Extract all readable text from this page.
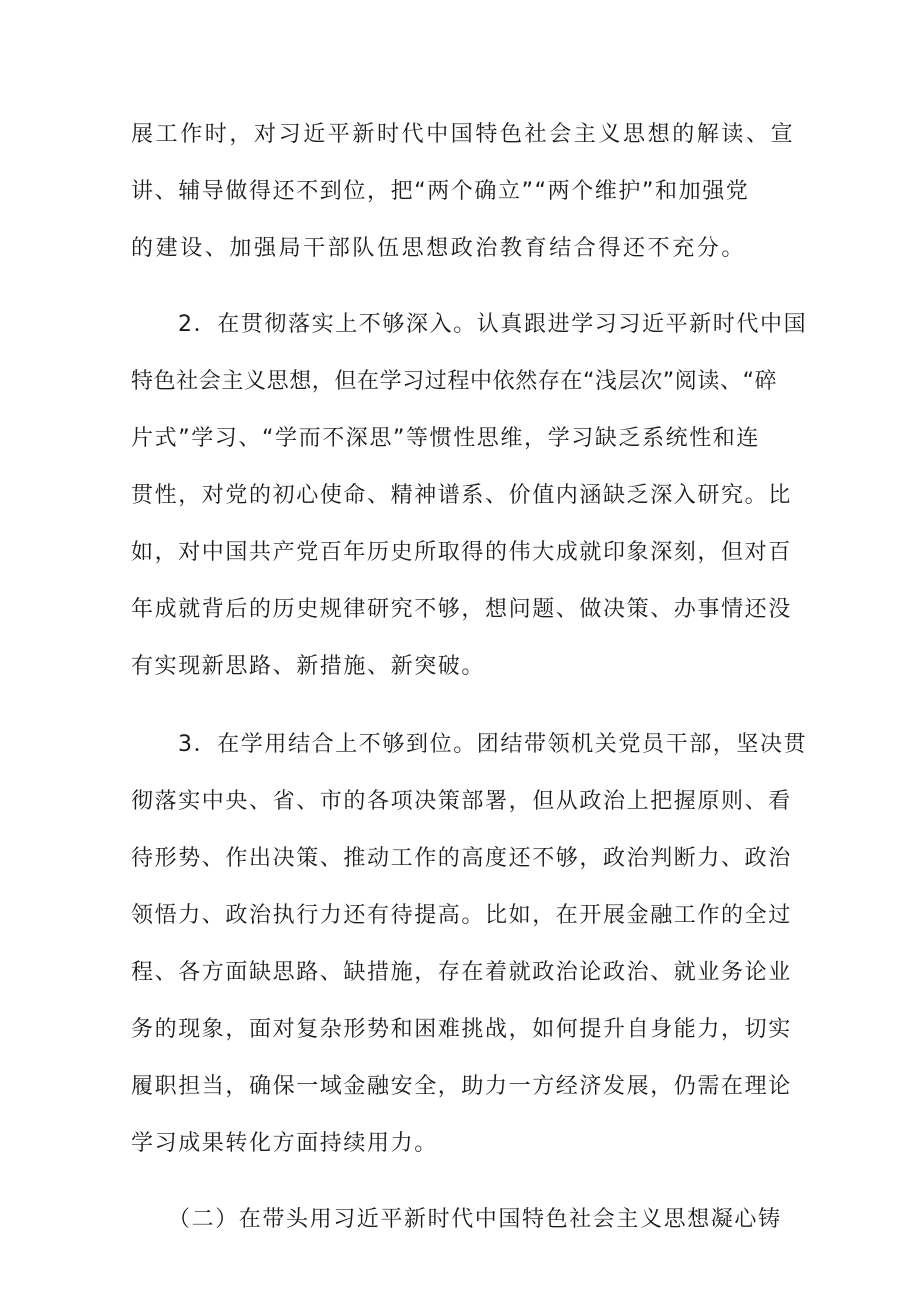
展工作时，对习近平新时代中国特色社会主义思想的解读、宣
讲、辅导做得还不到位，把“两个确立”“两个维护”和加强党
的建设、加强局干部队伍思想政治教育结合得还不充分。
2．在贯彻落实上不够深入。认真跟进学习习近平新时代中国
特色社会主义思想，但在学习过程中依然存在“浅层次”阅读、“碎
片式”学习、“学而不深思”等惯性思维，学习缺乏系统性和连
贯性，对党的初心使命、精神谱系、价值内涵缺乏深入研究。比
如，对中国共产党百年历史所取得的伟大成就印象深刻，但对百
年成就背后的历史规律研究不够，想问题、做决策、办事情还没
有实现新思路、新措施、新突破。
3．在学用结合上不够到位。团结带领机关党员干部，坚决贯
彻落实中央、省、市的各项决策部署，但从政治上把握原则、看
待形势、作出决策、推动工作的高度还不够，政治判断力、政治
领悟力、政治执行力还有待提高。比如，在开展金融工作的全过
程、各方面缺思路、缺措施，存在着就政治论政治、就业务论业
务的现象，面对复杂形势和困难挑战，如何提升自身能力，切实
履职担当，确保一域金融安全，助力一方经济发展，仍需在理论
学习成果转化方面持续用力。
（二）在带头用习近平新时代中国特色社会主义思想凝心铸
